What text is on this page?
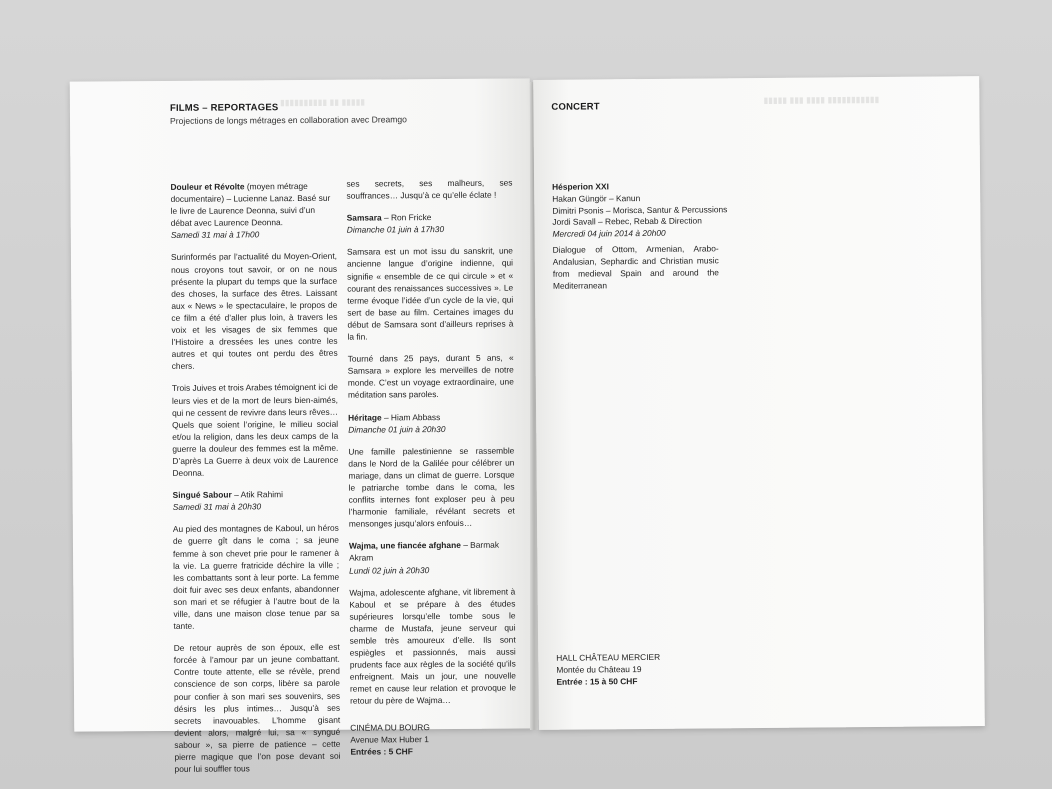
▮▮▮▮▮ ▮▮ ▮▮▮▮▮▮▮▮▮▮
FILMS – REPORTAGES
Projections de longs métrages en collaboration avec Dreamgo
Douleur et Révolte (moyen métrage documentaire) – Lucienne Lanaz. Basé sur le livre de Laurence Deonna, suivi d’un débat avec Laurence Deonna.
Samedi 31 mai à 17h00

Surinformés par l’actualité du Moyen-Orient, nous croyons tout savoir, or on ne nous présente la plupart du temps que la surface des choses, la surface des êtres. Laissant aux « News » le spectaculaire, le propos de ce film a été d’aller plus loin, à travers les voix et les visages de six femmes que l’Histoire a dressées les unes contre les autres et qui toutes ont perdu des êtres chers.

Trois Juives et trois Arabes témoignent ici de leurs vies et de la mort de leurs bien-aimés, qui ne cessent de revivre dans leurs rêves… Quels que soient l’origine, le milieu social et/ou la religion, dans les deux camps de la guerre la douleur des femmes est la même. D’après La Guerre à deux voix de Laurence Deonna.

Singué Sabour – Atik Rahimi
Samedi 31 mai à 20h30

Au pied des montagnes de Kaboul, un héros de guerre gît dans le coma ; sa jeune femme à son chevet prie pour le ramener à la vie. La guerre fratricide déchire la ville ; les combattants sont à leur porte. La femme doit fuir avec ses deux enfants, abandonner son mari et se réfugier à l’autre bout de la ville, dans une maison close tenue par sa tante.

De retour auprès de son époux, elle est forcée à l’amour par un jeune combattant. Contre toute attente, elle se révèle, prend conscience de son corps, libère sa parole pour confier à son mari ses souvenirs, ses désirs les plus intimes… Jusqu’à ses secrets inavouables. L’homme gisant devient alors, malgré lui, sa « syngué sabour », sa pierre de patience – cette pierre magique que l’on pose devant soi pour lui souffler tous

ses secrets, ses malheurs, ses souffrances… Jusqu’à ce qu’elle éclate !

Samsara – Ron Fricke
Dimanche 01 juin à 17h30

Samsara est un mot issu du sanskrit, une ancienne langue d’origine indienne, qui signifie « ensemble de ce qui circule » et « courant des renaissances successives ». Le terme évoque l’idée d’un cycle de la vie, qui sert de base au film. Certaines images du début de Samsara sont d’ailleurs reprises à la fin.

Tourné dans 25 pays, durant 5 ans, « Samsara » explore les merveilles de notre monde. C’est un voyage extraordinaire, une méditation sans paroles.

Héritage – Hiam Abbass
Dimanche 01 juin à 20h30

Une famille palestinienne se rassemble dans le Nord de la Galilée pour célébrer un mariage, dans un climat de guerre. Lorsque le patriarche tombe dans le coma, les conflits internes font exploser peu à peu l’harmonie familiale, révélant secrets et mensonges jusqu’alors enfouis…

Wajma, une fiancée afghane – Barmak Akram
Lundi 02 juin à 20h30

Wajma, adolescente afghane, vit librement à Kaboul et se prépare à des études supérieures lorsqu’elle tombe sous le charme de Mustafa, jeune serveur qui semble très amoureux d’elle. Ils sont espiègles et passionnés, mais aussi prudents face aux règles de la société qu’ils enfreignent. Mais un jour, une nouvelle remet en cause leur relation et provoque le retour du père de Wajma…

CINÉMA DU BOURG
Avenue Max Huber 1
Entrées : 5 CHF
▮▮▮▮▮▮▮▮▮▮▮ ▮▮▮▮ ▮▮▮ ▮▮▮▮▮
CONCERT
Hésperion XXI
Hakan Güngör – Kanun
Dimitri Psonis – Morisca, Santur & Percussions
Jordi Savall – Rebec, Rebab & Direction
Mercredi 04 juin 2014 à 20h00

Dialogue of Ottom, Armenian, Arabo-Andalusian, Sephardic and Christian music from medieval Spain and around the Mediterranean

HALL CHÂTEAU MERCIER
Montée du Château 19
Entrée : 15 à 50 CHF
